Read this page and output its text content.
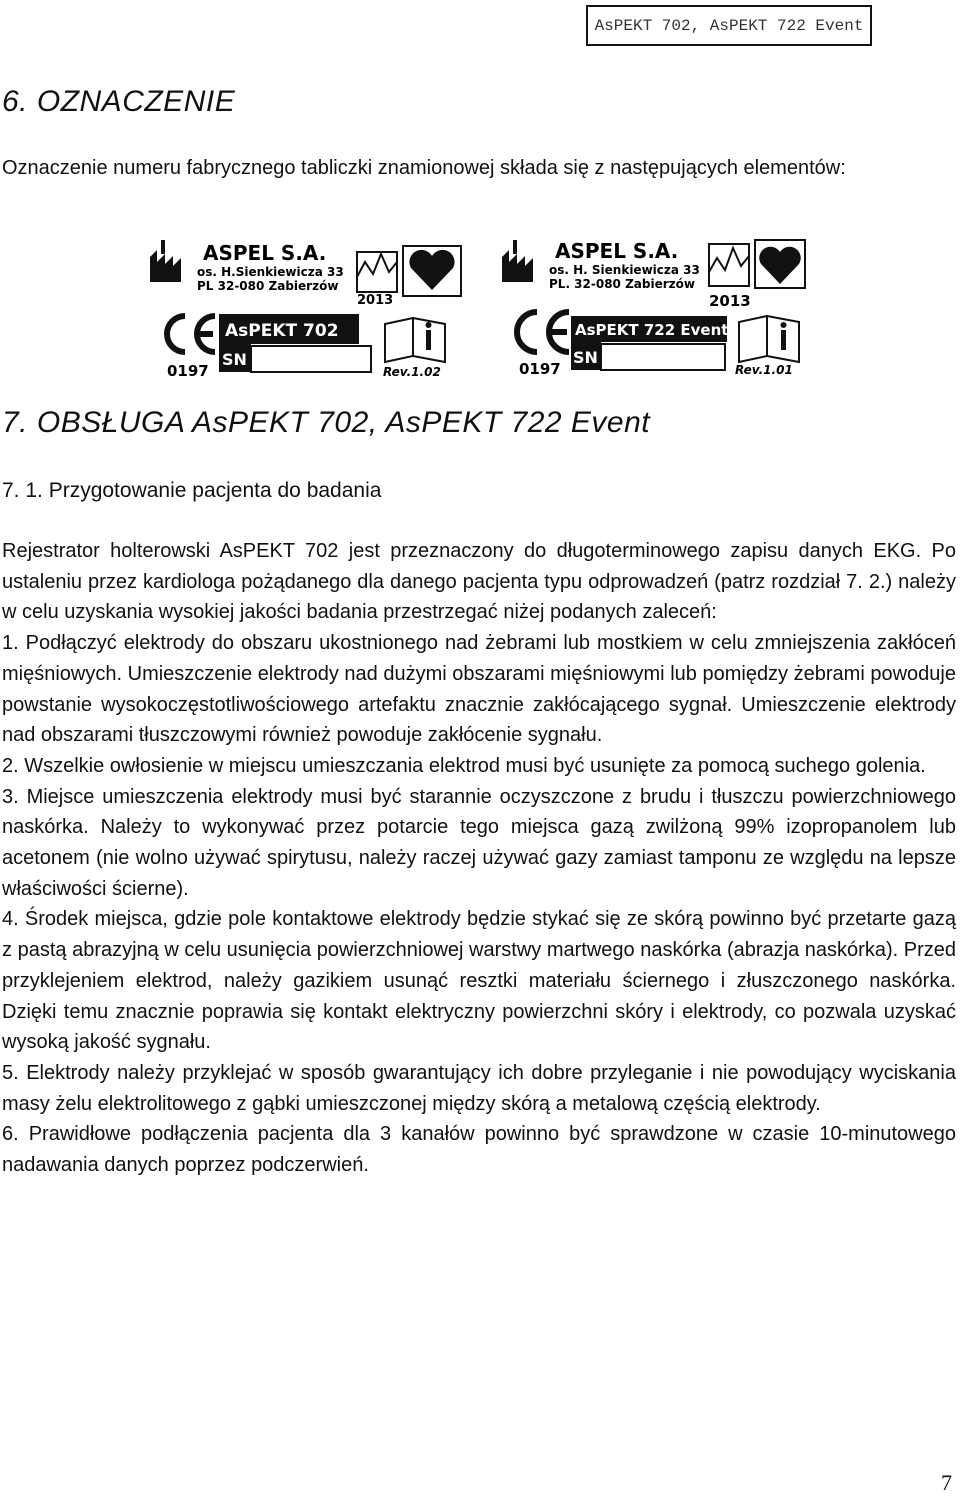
AsPEKT 702, AsPEKT 722 Event
6. OZNACZENIE

Oznaczenie numeru fabrycznego tabliczki znamionowej składa się z następujących elementów:

ASPEL S.A.
os. H.Sienkiewicza 33
PL 32-080 Zabierzów
2013
0197
AsPEKT 702
SN
Rev.1.02
ASPEL S.A.
os. H. Sienkiewicza 33
PL. 32-080 Zabierzów
2013
0197
AsPEKT 722 Event
SN
Rev.1.01
7. OBSŁUGA AsPEKT 702, AsPEKT 722 Event
7. 1. Przygotowanie pacjenta do badania

Rejestrator holterowski AsPEKT 702 jest przeznaczony do długoterminowego zapisu danych EKG. Po ustaleniu przez kardiologa pożądanego dla danego pacjenta typu odprowadzeń (patrz rozdział 7. 2.) należy w celu uzyskania wysokiej jakości badania przestrzegać niżej podanych zaleceń:

1. Podłączyć elektrody do obszaru ukostnionego nad żebrami lub mostkiem w celu zmniejszenia zakłóceń mięśniowych. Umieszczenie elektrody nad dużymi obszarami mięśniowymi lub pomiędzy żebrami powoduje powstanie wysokoczęstotliwościowego artefaktu znacznie zakłócającego sygnał. Umieszczenie elektrody nad obszarami tłuszczowymi również powoduje zakłócenie sygnału.

2. Wszelkie owłosienie w miejscu umieszczania elektrod musi być usunięte za pomocą suchego golenia.

3. Miejsce umieszczenia elektrody musi być starannie oczyszczone z brudu i tłuszczu powierzchniowego naskórka. Należy to wykonywać przez potarcie tego miejsca gazą zwilżoną 99% izopropanolem lub acetonem (nie wolno używać spirytusu, należy raczej używać gazy zamiast tamponu ze względu na lepsze właściwości ścierne).

4. Środek miejsca, gdzie pole kontaktowe elektrody będzie stykać się ze skórą powinno być przetarte gazą z pastą abrazyjną w celu usunięcia powierzchniowej warstwy martwego naskórka (abrazja naskórka). Przed przyklejeniem elektrod, należy gazikiem usunąć resztki materiału ściernego i złuszczonego naskórka. Dzięki temu znacznie poprawia się kontakt elektryczny powierzchni skóry i elektrody, co pozwala uzyskać wysoką jakość sygnału.

5. Elektrody należy przyklejać w sposób gwarantujący ich dobre przyleganie i nie powodujący wyciskania masy żelu elektrolitowego z gąbki umieszczonej między skórą a metalową częścią elektrody.

6. Prawidłowe podłączenia pacjenta dla 3 kanałów powinno być sprawdzone w czasie 10-minutowego nadawania danych poprzez podczerwień.

7
